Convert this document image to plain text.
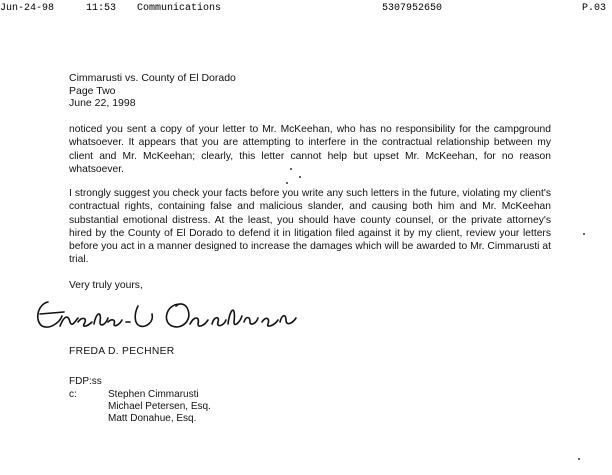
Jun-24-98	11:53 Communications	5307952650	P.03
Cimmarusti vs. County of El Dorado
Page Two
June 22, 1998

noticed you sent a copy of your letter to Mr. McKeehan, who has no responsibility for the campground whatsoever. It appears that you are attempting to interfere in the contractual relationship between my client and Mr. McKeehan; clearly, this letter cannot help but upset Mr. McKeehan, for no reason whatsoever.

I strongly suggest you check your facts before you write any such letters in the future, violating my client's contractual rights, containing false and malicious slander, and causing both him and Mr. McKeehan substantial emotional distress. At the least, you should have county counsel, or the private attorney's hired by the County of El Dorado to defend it in litigation filed against it by my client, review your letters before you act in a manner designed to increase the damages which will be awarded to Mr. Cimmarusti at trial.

Very truly yours,
FREDA D. PECHNER
FDP:ss
c:	Stephen Cimmarusti
Michael Petersen, Esq.
Matt Donahue, Esq.
